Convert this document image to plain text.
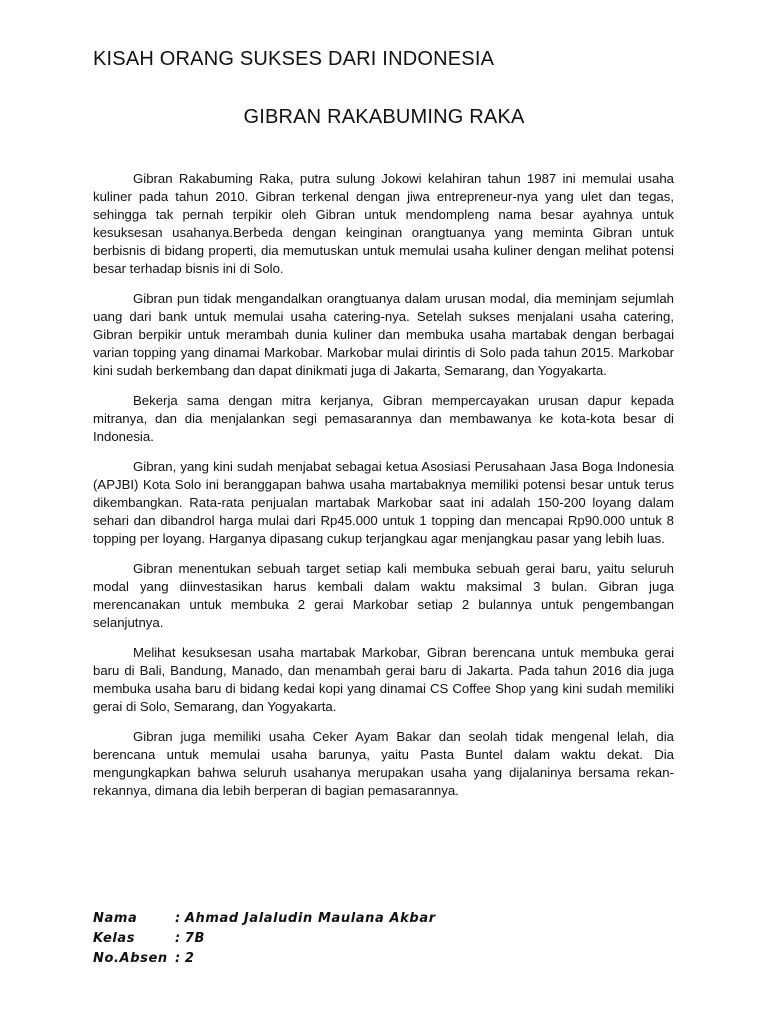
KISAH ORANG SUKSES DARI INDONESIA
GIBRAN RAKABUMING RAKA

Gibran Rakabuming Raka, putra sulung Jokowi kelahiran tahun 1987 ini memulai usaha kuliner pada tahun 2010. Gibran terkenal dengan jiwa entrepreneur-nya yang ulet dan tegas, sehingga tak pernah terpikir oleh Gibran untuk mendompleng nama besar ayahnya untuk kesuksesan usahanya.Berbeda dengan keinginan orangtuanya yang meminta Gibran untuk berbisnis di bidang properti, dia memutuskan untuk memulai usaha kuliner dengan melihat potensi besar terhadap bisnis ini di Solo.

Gibran pun tidak mengandalkan orangtuanya dalam urusan modal, dia meminjam sejumlah uang dari bank untuk memulai usaha catering-nya. Setelah sukses menjalani usaha catering, Gibran berpikir untuk merambah dunia kuliner dan membuka usaha martabak dengan berbagai varian topping yang dinamai Markobar. Markobar mulai dirintis di Solo pada tahun 2015. Markobar kini sudah berkembang dan dapat dinikmati juga di Jakarta, Semarang, dan Yogyakarta.

Bekerja sama dengan mitra kerjanya, Gibran mempercayakan urusan dapur kepada mitranya, dan dia menjalankan segi pemasarannya dan membawanya ke kota-kota besar di Indonesia.

Gibran, yang kini sudah menjabat sebagai ketua Asosiasi Perusahaan Jasa Boga Indonesia (APJBI) Kota Solo ini beranggapan bahwa usaha martabaknya memiliki potensi besar untuk terus dikembangkan. Rata-rata penjualan martabak Markobar saat ini adalah 150-200 loyang dalam sehari dan dibandrol harga mulai dari Rp45.000 untuk 1 topping dan mencapai Rp90.000 untuk 8 topping per loyang. Harganya dipasang cukup terjangkau agar menjangkau pasar yang lebih luas.

Gibran menentukan sebuah target setiap kali membuka sebuah gerai baru, yaitu seluruh modal yang diinvestasikan harus kembali dalam waktu maksimal 3 bulan. Gibran juga merencanakan untuk membuka 2 gerai Markobar setiap 2 bulannya untuk pengembangan selanjutnya.

Melihat kesuksesan usaha martabak Markobar, Gibran berencana untuk membuka gerai baru di Bali, Bandung, Manado, dan menambah gerai baru di Jakarta. Pada tahun 2016 dia juga membuka usaha baru di bidang kedai kopi yang dinamai CS Coffee Shop yang kini sudah memiliki gerai di Solo, Semarang, dan Yogyakarta.

Gibran juga memiliki usaha Ceker Ayam Bakar dan seolah tidak mengenal lelah, dia berencana untuk memulai usaha barunya, yaitu Pasta Buntel dalam waktu dekat. Dia mengungkapkan bahwa seluruh usahanya merupakan usaha yang dijalaninya bersama rekan-rekannya, dimana dia lebih berperan di bagian pemasarannya.

Nama	: Ahmad Jalaludin Maulana Akbar
Kelas	: 7B
No.Absen : 2
